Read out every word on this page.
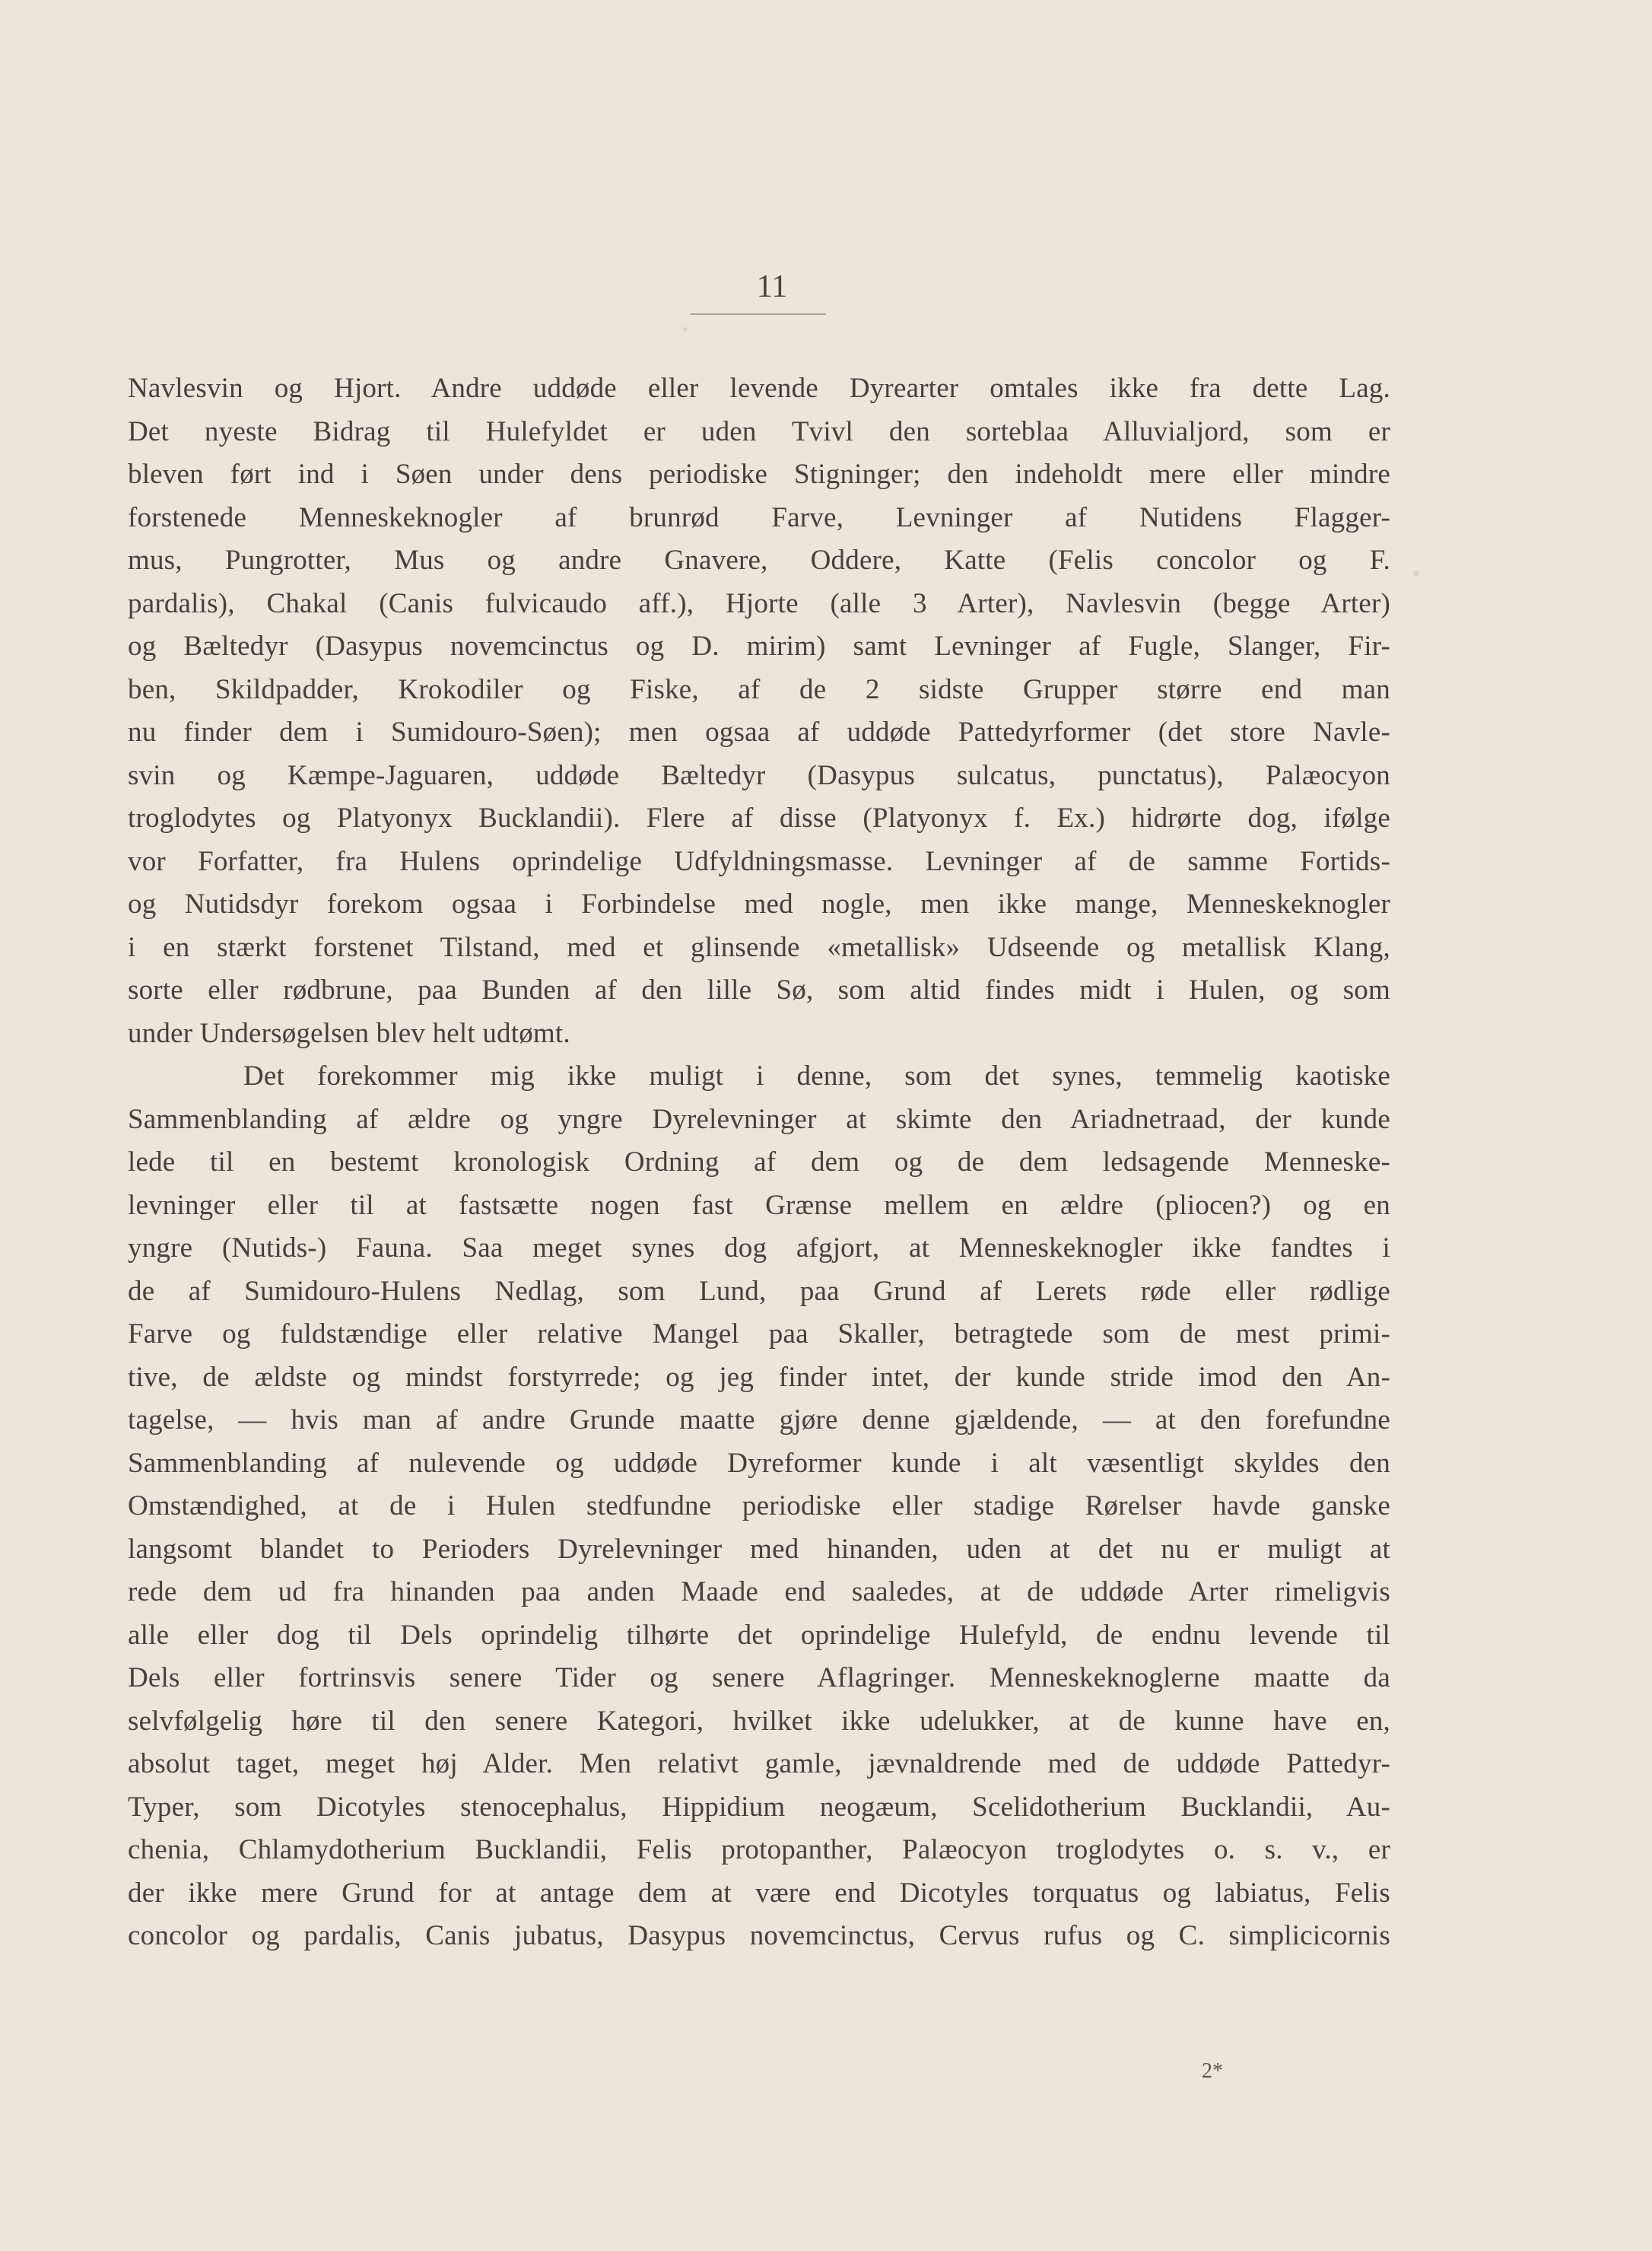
11
Navlesvin og Hjort. Andre uddøde eller levende Dyrearter omtales ikke fra dette Lag.
Det nyeste Bidrag til Hulefyldet er uden Tvivl den sorteblaa Alluvialjord, som er
bleven ført ind i Søen under dens periodiske Stigninger; den indeholdt mere eller mindre
forstenede Menneskeknogler af brunrød Farve, Levninger af Nutidens Flagger-
mus, Pungrotter, Mus og andre Gnavere, Oddere, Katte (Felis concolor og F.
pardalis), Chakal (Canis fulvicaudo aff.), Hjorte (alle 3 Arter), Navlesvin (begge Arter)
og Bæltedyr (Dasypus novemcinctus og D. mirim) samt Levninger af Fugle, Slanger, Fir-
ben, Skildpadder, Krokodiler og Fiske, af de 2 sidste Grupper større end man
nu finder dem i Sumidouro-Søen); men ogsaa af uddøde Pattedyrformer (det store Navle-
svin og Kæmpe-Jaguaren, uddøde Bæltedyr (Dasypus sulcatus, punctatus), Palæocyon
troglodytes og Platyonyx Bucklandii). Flere af disse (Platyonyx f. Ex.) hidrørte dog, ifølge
vor Forfatter, fra Hulens oprindelige Udfyldningsmasse. Levninger af de samme Fortids-
og Nutidsdyr forekom ogsaa i Forbindelse med nogle, men ikke mange, Menneskeknogler
i en stærkt forstenet Tilstand, med et glinsende «metallisk» Udseende og metallisk Klang,
sorte eller rødbrune, paa Bunden af den lille Sø, som altid findes midt i Hulen, og som
under Undersøgelsen blev helt udtømt.
Det forekommer mig ikke muligt i denne, som det synes, temmelig kaotiske
Sammenblanding af ældre og yngre Dyrelevninger at skimte den Ariadnetraad, der kunde
lede til en bestemt kronologisk Ordning af dem og de dem ledsagende Menneske-
levninger eller til at fastsætte nogen fast Grænse mellem en ældre (pliocen?) og en
yngre (Nutids-) Fauna. Saa meget synes dog afgjort, at Menneskeknogler ikke fandtes i
de af Sumidouro-Hulens Nedlag, som Lund, paa Grund af Lerets røde eller rødlige
Farve og fuldstændige eller relative Mangel paa Skaller, betragtede som de mest primi-
tive, de ældste og mindst forstyrrede; og jeg finder intet, der kunde stride imod den An-
tagelse, — hvis man af andre Grunde maatte gjøre denne gjældende, — at den forefundne
Sammenblanding af nulevende og uddøde Dyreformer kunde i alt væsentligt skyldes den
Omstændighed, at de i Hulen stedfundne periodiske eller stadige Rørelser havde ganske
langsomt blandet to Perioders Dyrelevninger med hinanden, uden at det nu er muligt at
rede dem ud fra hinanden paa anden Maade end saaledes, at de uddøde Arter rimeligvis
alle eller dog til Dels oprindelig tilhørte det oprindelige Hulefyld, de endnu levende til
Dels eller fortrinsvis senere Tider og senere Aflagringer. Menneskeknoglerne maatte da
selvfølgelig høre til den senere Kategori, hvilket ikke udelukker, at de kunne have en,
absolut taget, meget høj Alder. Men relativt gamle, jævnaldrende med de uddøde Pattedyr-
Typer, som Dicotyles stenocephalus, Hippidium neogæum, Scelidotherium Bucklandii, Au-
chenia, Chlamydotherium Bucklandii, Felis protopanther, Palæocyon troglodytes o. s. v., er
der ikke mere Grund for at antage dem at være end Dicotyles torquatus og labiatus, Felis
concolor og pardalis, Canis jubatus, Dasypus novemcinctus, Cervus rufus og C. simplicicornis
2*
